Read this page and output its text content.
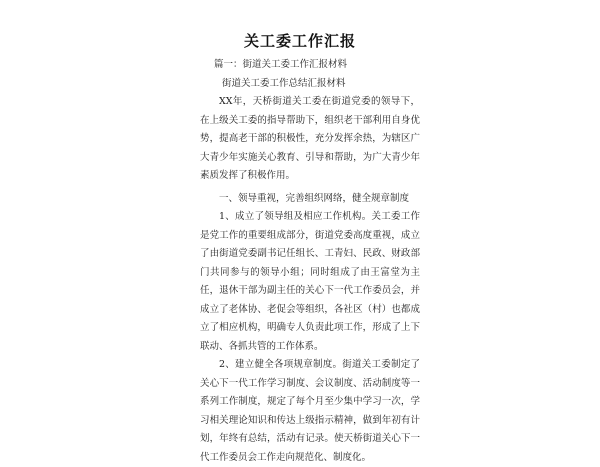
关工委工作汇报

篇一：街道关工委工作汇报材料

街道关工委工作总结汇报材料

XX年，天桥街道关工委在街道党委的领导下，在上级关工委的指导帮助下，组织老干部利用自身优势，提高老干部的积极性，充分发挥余热，为辖区广大青少年实施关心教育、引导和帮助，为广大青少年素质发挥了积极作用。

一、领导重视，完善组织网络，健全规章制度

1、成立了领导组及相应工作机构。关工委工作是党工作的重要组成部分，街道党委高度重视，成立了由街道党委副书记任组长、工青妇、民政、财政部门共同参与的领导小组；同时组成了由王富堂为主任，退休干部为副主任的关心下一代工作委员会，并成立了老体协、老促会等组织，各社区（村）也都成立了相应机构，明确专人负责此项工作，形成了上下联动、各抓共管的工作体系。

2、建立健全各项规章制度。街道关工委制定了关心下一代工作学习制度、会议制度、活动制度等一系列工作制度，规定了每个月至少集中学习一次，学习相关理论知识和传达上级指示精神，做到年初有计划，年终有总结，活动有记录。使天桥街道关心下一代工作委员会工作走向规范化、制度化。
